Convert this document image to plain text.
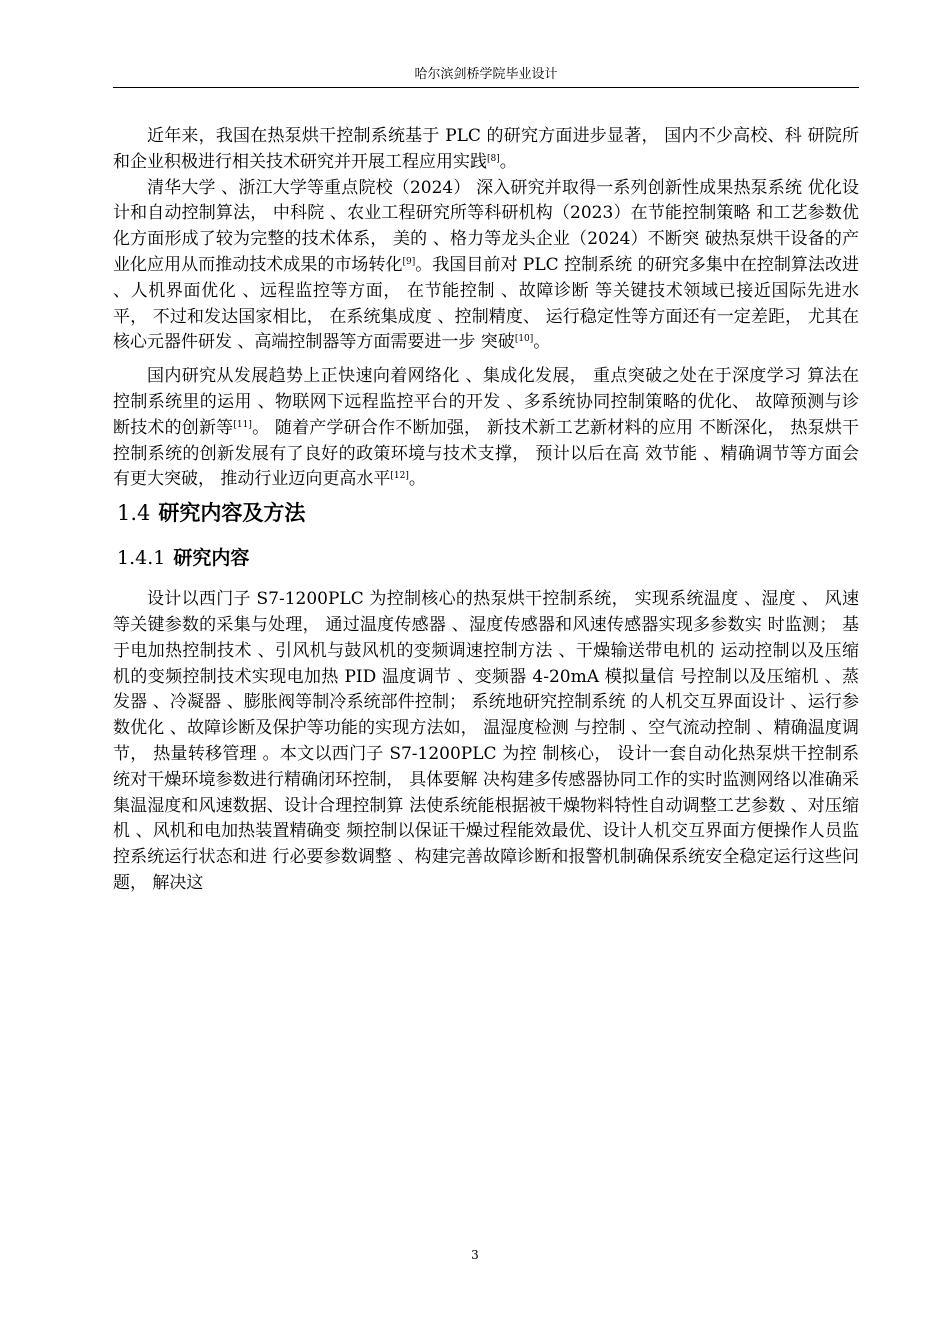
哈尔滨剑桥学院毕业设计

近年来，我国在热泵烘干控制系统基于 PLC 的研究方面进步显著， 国内不少高校、科 研院所和企业积极进行相关技术研究并开展工程应用实践[8]。

清华大学 、浙江大学等重点院校（2024） 深入研究并取得一系列创新性成果热泵系统 优化设计和自动控制算法， 中科院 、农业工程研究所等科研机构（2023）在节能控制策略 和工艺参数优化方面形成了较为完整的技术体系， 美的 、格力等龙头企业（2024）不断突 破热泵烘干设备的产业化应用从而推动技术成果的市场转化[9]。我国目前对 PLC 控制系统 的研究多集中在控制算法改进 、人机界面优化 、远程监控等方面， 在节能控制 、故障诊断 等关键技术领域已接近国际先进水平， 不过和发达国家相比， 在系统集成度 、控制精度、 运行稳定性等方面还有一定差距， 尤其在核心元器件研发 、高端控制器等方面需要进一步 突破[10]。

国内研究从发展趋势上正快速向着网络化 、集成化发展， 重点突破之处在于深度学习 算法在控制系统里的运用 、物联网下远程监控平台的开发 、多系统协同控制策略的优化、 故障预测与诊断技术的创新等[11]。 随着产学研合作不断加强， 新技术新工艺新材料的应用 不断深化， 热泵烘干控制系统的创新发展有了良好的政策环境与技术支撑， 预计以后在高 效节能 、精确调节等方面会有更大突破， 推动行业迈向更高水平[12]。

1.4 研究内容及方法
1.4.1 研究内容

设计以西门子 S7-1200PLC 为控制核心的热泵烘干控制系统， 实现系统温度 、湿度 、 风速等关键参数的采集与处理， 通过温度传感器 、湿度传感器和风速传感器实现多参数实 时监测； 基于电加热控制技术 、引风机与鼓风机的变频调速控制方法 、干燥输送带电机的 运动控制以及压缩机的变频控制技术实现电加热 PID 温度调节 、变频器 4-20mA 模拟量信 号控制以及压缩机 、蒸发器 、冷凝器 、膨胀阀等制冷系统部件控制； 系统地研究控制系统 的人机交互界面设计 、运行参数优化 、故障诊断及保护等功能的实现方法如， 温湿度检测 与控制 、空气流动控制 、精确温度调节， 热量转移管理 。本文以西门子 S7-1200PLC 为控 制核心， 设计一套自动化热泵烘干控制系统对干燥环境参数进行精确闭环控制， 具体要解 决构建多传感器协同工作的实时监测网络以准确采集温湿度和风速数据、设计合理控制算 法使系统能根据被干燥物料特性自动调整工艺参数 、对压缩机 、风机和电加热装置精确变 频控制以保证干燥过程能效最优、设计人机交互界面方便操作人员监控系统运行状态和进 行必要参数调整 、构建完善故障诊断和报警机制确保系统安全稳定运行这些问题， 解决这

3
